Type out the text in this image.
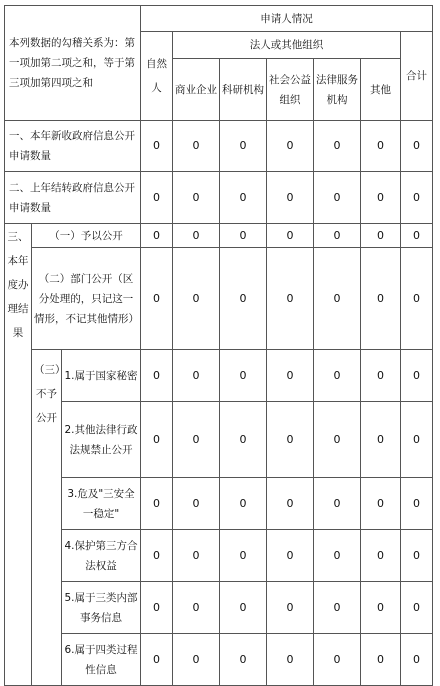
本列数据的勾稽关系为：第一项加第二项之和，等于第三项加第四项之和			申请人情况						
			自然人	法人或其他组织					合计
				商业企业	科研机构	社会公益组织	法律服务机构	其他	
一、本年新收政府信息公开申请数量			0	0	0	0	0	0	0
二、上年结转政府信息公开申请数量			0	0	0	0	0	0	0
三、本年度办理结果	（一）予以公开		0	0	0	0	0	0	0
	（二）部门公开（区分处理的，只记这一情形，不记其他情形）		0	0	0	0	0	0	0
	（三）不予公开	1.属于国家秘密	0	0	0	0	0	0	0
		2.其他法律行政法规禁止公开	0	0	0	0	0	0	0
		3.危及"三安全一稳定"	0	0	0	0	0	0	0
		4.保护第三方合法权益	0	0	0	0	0	0	0
		5.属于三类内部事务信息	0	0	0	0	0	0	0
		6.属于四类过程性信息	0	0	0	0	0	0	0
